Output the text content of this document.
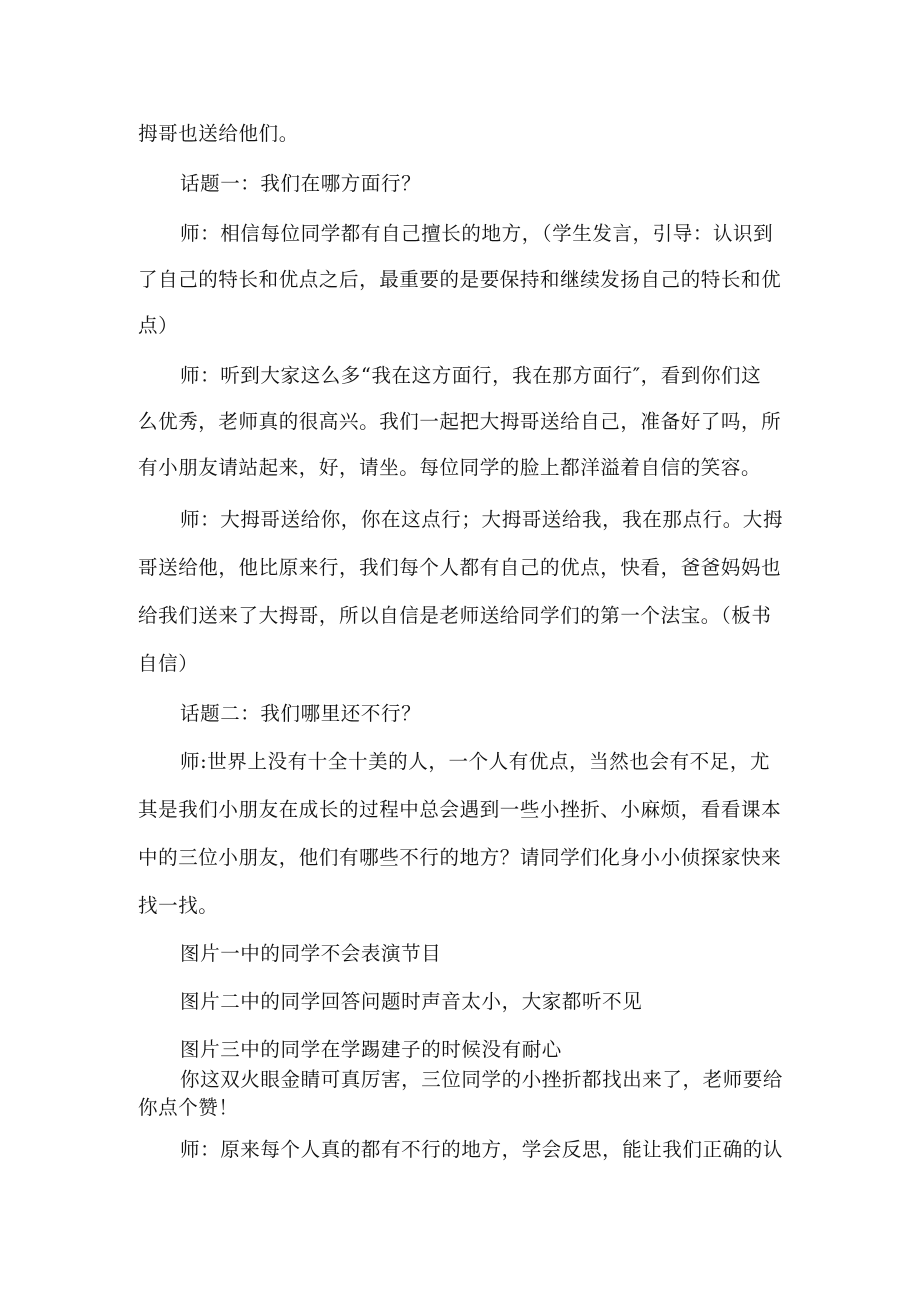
拇哥也送给他们。
话题一：我们在哪方面行？
师：相信每位同学都有自己擅长的地方，（学生发言，引导：认识到
了自己的特长和优点之后，最重要的是要保持和继续发扬自己的特长和优
点）
师：听到大家这么多“我在这方面行，我在那方面行″，看到你们这
么优秀，老师真的很高兴。我们一起把大拇哥送给自己，准备好了吗，所
有小朋友请站起来，好，请坐。每位同学的脸上都洋溢着自信的笑容。
师：大拇哥送给你，你在这点行；大拇哥送给我，我在那点行。大拇
哥送给他，他比原来行，我们每个人都有自己的优点，快看，爸爸妈妈也
给我们送来了大拇哥，所以自信是老师送给同学们的第一个法宝。（板书
自信）
话题二：我们哪里还不行？
师:世界上没有十全十美的人，一个人有优点，当然也会有不足，尤
其是我们小朋友在成长的过程中总会遇到一些小挫折、小麻烦，看看课本
中的三位小朋友，他们有哪些不行的地方？请同学们化身小小侦探家快来
找一找。
图片一中的同学不会表演节目
图片二中的同学回答问题时声音太小，大家都听不见
图片三中的同学在学踢建子的时候没有耐心
你这双火眼金睛可真厉害，三位同学的小挫折都找出来了，老师要给
你点个赞！
师：原来每个人真的都有不行的地方，学会反思，能让我们正确的认
